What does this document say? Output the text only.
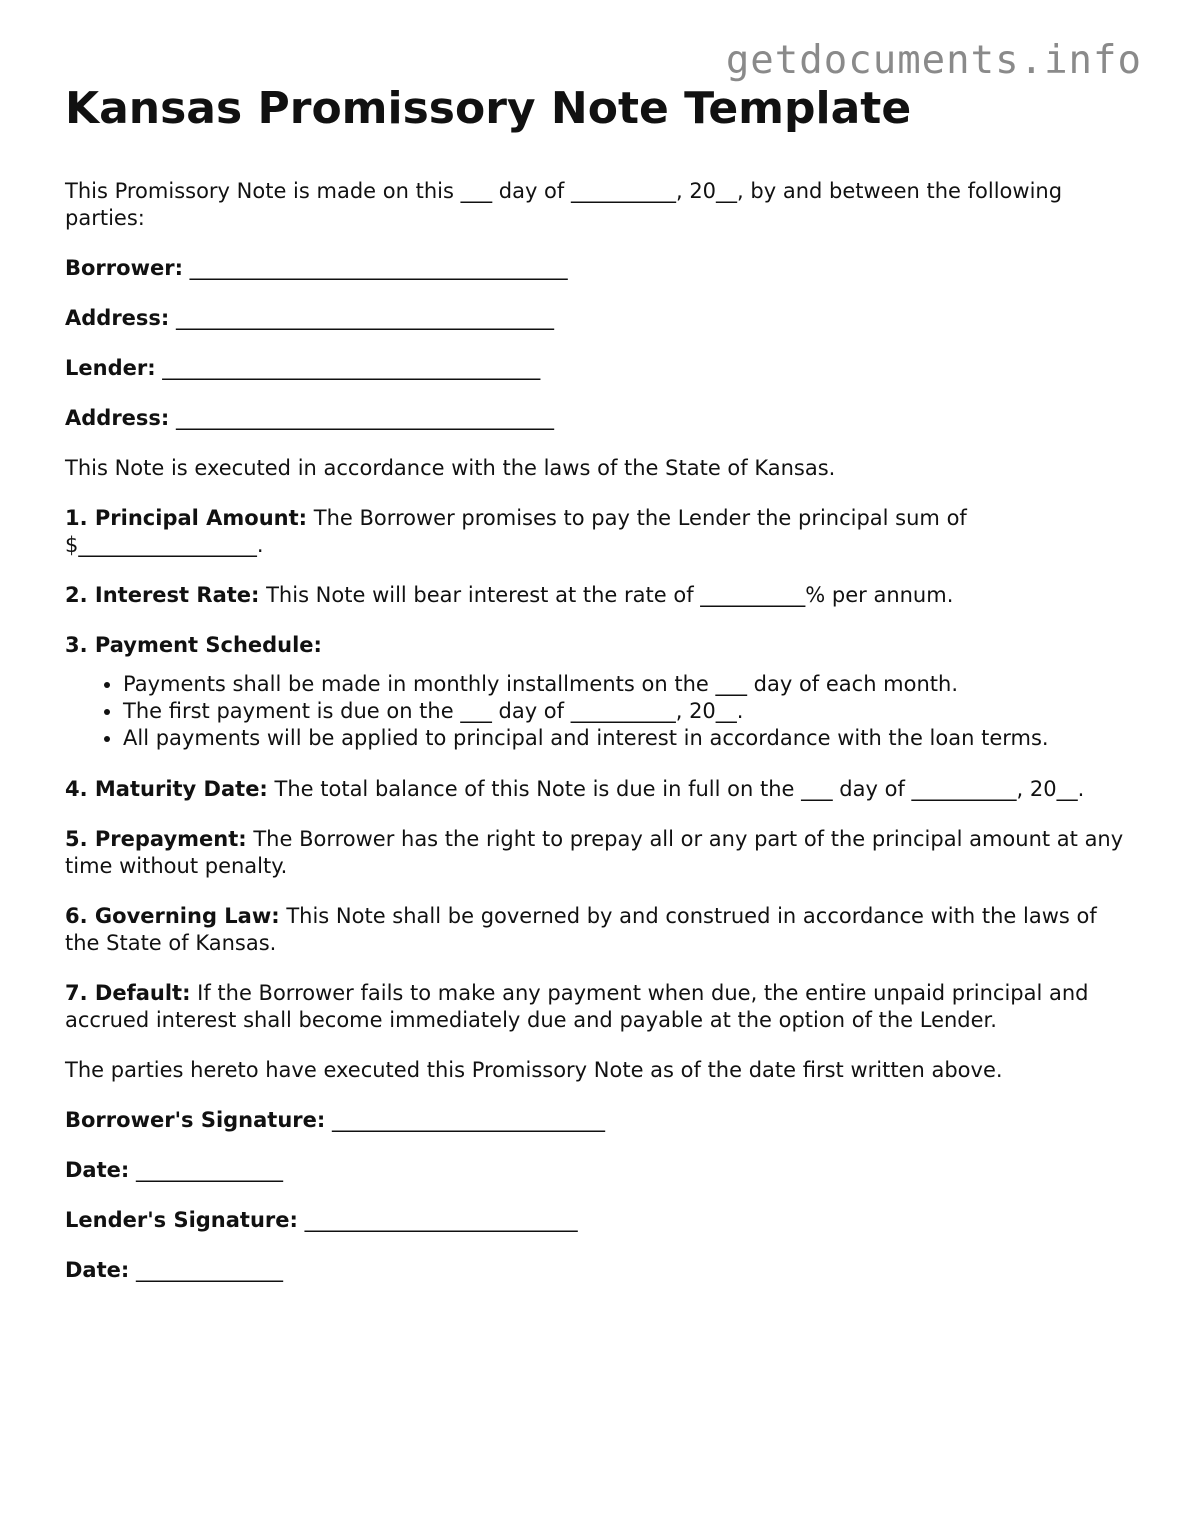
getdocuments.info
Kansas Promissory Note Template

This Promissory Note is made on this ___ day of __________, 20__, by and between the following parties:

Borrower: ____________________________________
Address: ____________________________________
Lender: ____________________________________
Address: ____________________________________

This Note is executed in accordance with the laws of the State of Kansas.

1. Principal Amount: The Borrower promises to pay the Lender the principal sum of $_________________.

2. Interest Rate: This Note will bear interest at the rate of __________% per annum.

3. Payment Schedule:

• Payments shall be made in monthly installments on the ___ day of each month.
• The first payment is due on the ___ day of __________, 20__.
• All payments will be applied to principal and interest in accordance with the loan terms.

4. Maturity Date: The total balance of this Note is due in full on the ___ day of __________, 20__.

5. Prepayment: The Borrower has the right to prepay all or any part of the principal amount at any time without penalty.

6. Governing Law: This Note shall be governed by and construed in accordance with the laws of the State of Kansas.

7. Default: If the Borrower fails to make any payment when due, the entire unpaid principal and accrued interest shall become immediately due and payable at the option of the Lender.

The parties hereto have executed this Promissory Note as of the date first written above.

Borrower's Signature: __________________________
Date: ______________
Lender's Signature: __________________________
Date: ______________
